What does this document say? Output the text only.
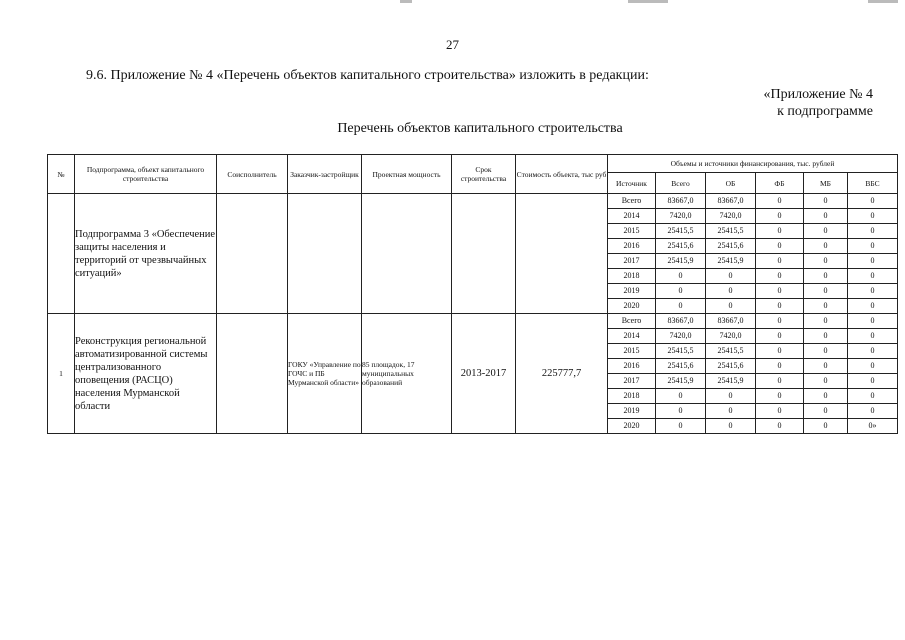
27
9.6. Приложение № 4 «Перечень объектов капитального строительства» изложить в редакции:
«Приложение № 4
к подпрограмме
Перечень объектов капитального строительства
№	Подпрограмма, объект капитального строительства	Соисполнитель	Заказчик-застройщик	Проектная мощность	Срок строительства	Стоимость объекта, тыс руб	Объемы и источники финансирования, тыс. рублей					
							Источник	Всего	ОБ	ФБ	МБ	ВБС
	Подпрограмма 3 «Обеспечение защиты населения и территорий от чрезвычайных ситуаций»						Всего	83667,0	83667,0	0	0	0
							2014	7420,0	7420,0	0	0	0
							2015	25415,5	25415,5	0	0	0
							2016	25415,6	25415,6	0	0	0
							2017	25415,9	25415,9	0	0	0
							2018	0	0	0	0	0
							2019	0	0	0	0	0
							2020	0	0	0	0	0
1	Реконструкция региональной автоматизированной системы централизованного оповещения (РАСЦО) населения Мурманской области		ГОКУ «Управление по ГОЧС и ПБ Мурманской области»	85 площадок, 17 муниципальных образований	2013-2017	225777,7	Всего	83667,0	83667,0	0	0	0
							2014	7420,0	7420,0	0	0	0
							2015	25415,5	25415,5	0	0	0
							2016	25415,6	25415,6	0	0	0
							2017	25415,9	25415,9	0	0	0
							2018	0	0	0	0	0
							2019	0	0	0	0	0
							2020	0	0	0	0	0»
